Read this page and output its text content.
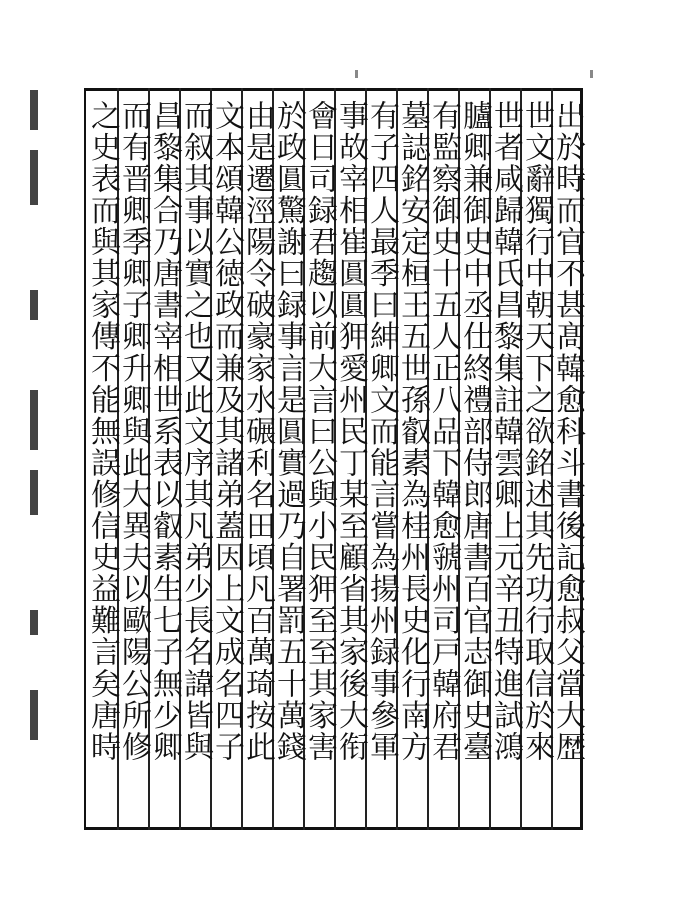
出於時而官不甚髙韓愈科斗書後記愈叔父當大歴
世文辭獨行中朝天下之欲銘述其先功行取信於來
世者咸歸韓氏昌黎集註韓雲卿上元辛丑特進試鴻
臚卿兼御史中丞仕終禮部侍郎唐書百官志御史臺
有監察御史十五人正八品下韓愈虢州司戸韓府君
墓誌銘安定桓王五世孫叡素為桂州長史化行南方
有子四人最季曰紳卿文而能言嘗為揚州録事參軍
事故宰相崔圓圓狎愛州民丁某至顧省其家後大衔
會日司録君趨以前大言曰公與小民狎至至其家害
於政圓驚謝曰録事言是圓實過乃自署罰五十萬錢
由是遷涇陽令破豪家水碾利名田頃凡百萬琦按此
文本頌韓公徳政而兼及其諸弟蓋因上文成名四子
而叙其事以實之也又此文序其凡弟少長名諱皆與
昌黎集合乃唐書宰相世系表以叡素生七子無少卿
而有晋卿季卿子卿升卿與此大異夫以歐陽公所修
之史表而與其家傳不能無誤修信史益難言矣唐時
